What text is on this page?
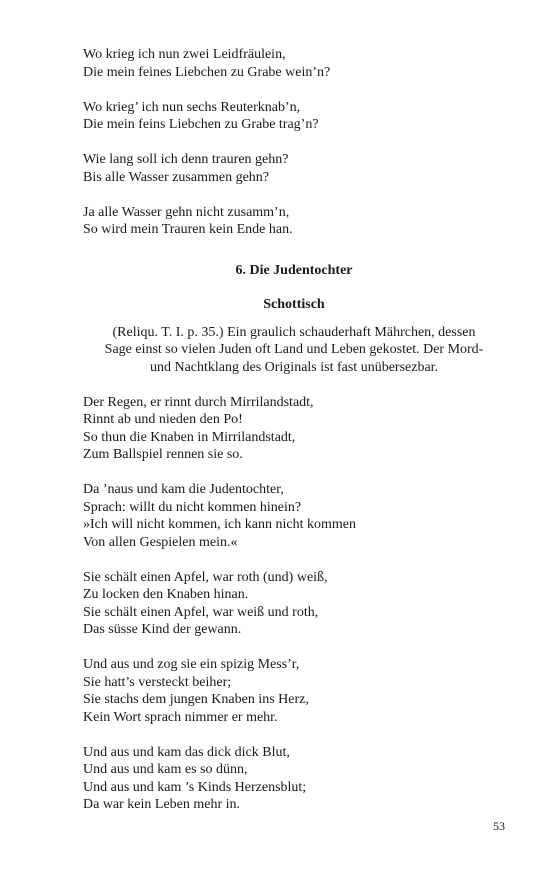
Wo krieg ich nun zwei Leidfräulein,
Die mein feines Liebchen zu Grabe wein’n?
Wo krieg’ ich nun sechs Reuterknab’n,
Die mein feins Liebchen zu Grabe trag’n?
Wie lang soll ich denn trauren gehn?
Bis alle Wasser zusammen gehn?
Ja alle Wasser gehn nicht zusamm’n,
So wird mein Trauren kein Ende han.
6. Die Judentochter
Schottisch
(Reliqu. T. I. p. 35.) Ein graulich schauderhaft Mährchen, dessen
Sage einst so vielen Juden oft Land und Leben gekostet. Der Mord-
und Nachtklang des Originals ist fast unübersezbar.
Der Regen, er rinnt durch Mirrilandstadt,
Rinnt ab und nieden den Po!
So thun die Knaben in Mirrilandstadt,
Zum Ballspiel rennen sie so.
Da ’naus und kam die Judentochter,
Sprach: willt du nicht kommen hinein?
»Ich will nicht kommen, ich kann nicht kommen
Von allen Gespielen mein.«
Sie schält einen Apfel, war roth (und) weiß,
Zu locken den Knaben hinan.
Sie schält einen Apfel, war weiß und roth,
Das süsse Kind der gewann.
Und aus und zog sie ein spizig Mess’r,
Sie hatt’s versteckt beiher;
Sie stachs dem jungen Knaben ins Herz,
Kein Wort sprach nimmer er mehr.
Und aus und kam das dick dick Blut,
Und aus und kam es so dünn,
Und aus und kam ’s Kinds Herzensblut;
Da war kein Leben mehr in.
53
